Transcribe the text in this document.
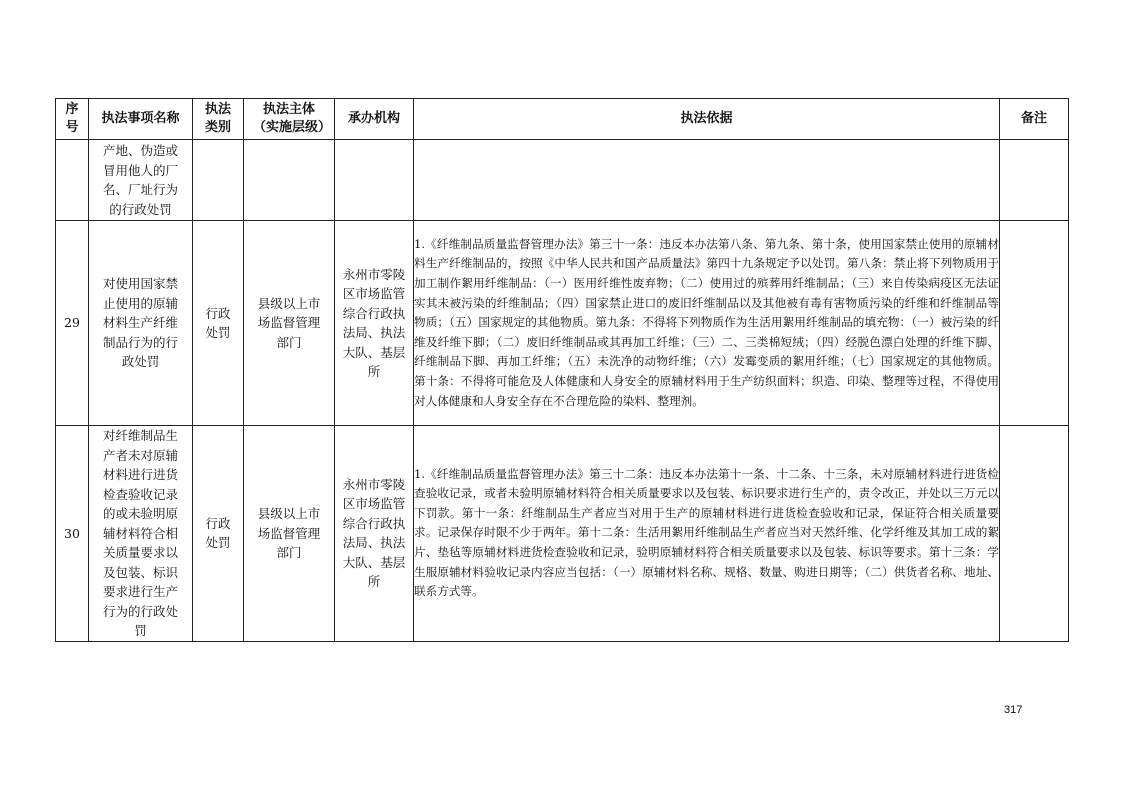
序号	执法事项名称	执法类别	执法主体（实施层级）	承办机构	执法依据	备注

	产地、伪造或冒用他人的厂名、厂址行为的行政处罚					

29	对使用国家禁止使用的原辅材料生产纤维制品行为的行政处罚	行政处罚	县级以上市场监督管理部门	永州市零陵区市场监管综合行政执法局、执法大队、基层所	1.《纤维制品质量监督管理办法》第三十一条：违反本办法第八条、第九条、第十条，使用国家禁止使用的原辅材料生产纤维制品的，按照《中华人民共和国产品质量法》第四十九条规定予以处罚。第八条：禁止将下列物质用于加工制作絮用纤维制品：（一）医用纤维性废弃物；（二）使用过的殡葬用纤维制品；（三）来自传染病疫区无法证实其未被污染的纤维制品；（四）国家禁止进口的废旧纤维制品以及其他被有毒有害物质污染的纤维和纤维制品等物质；（五）国家规定的其他物质。第九条：不得将下列物质作为生活用絮用纤维制品的填充物：（一）被污染的纤维及纤维下脚；（二）废旧纤维制品或其再加工纤维；（三）二、三类棉短绒；（四）经脱色漂白处理的纤维下脚、纤维制品下脚、再加工纤维；（五）未洗净的动物纤维；（六）发霉变质的絮用纤维；（七）国家规定的其他物质。第十条：不得将可能危及人体健康和人身安全的原辅材料用于生产纺织面料；织造、印染、整理等过程，不得使用对人体健康和人身安全存在不合理危险的染料、整理剂。	
30	对纤维制品生产者未对原辅材料进行进货检查验收记录的或未验明原辅材料符合相关质量要求以及包装、标识要求进行生产行为的行政处罚	行政处罚	县级以上市场监督管理部门	永州市零陵区市场监管综合行政执法局、执法大队、基层所	1.《纤维制品质量监督管理办法》第三十二条：违反本办法第十一条、十二条、十三条，未对原辅材料进行进货检查验收记录，或者未验明原辅材料符合相关质量要求以及包装、标识要求进行生产的，责令改正，并处以三万元以下罚款。第十一条：纤维制品生产者应当对用于生产的原辅材料进行进货检查验收和记录，保证符合相关质量要求。记录保存时限不少于两年。第十二条：生活用絮用纤维制品生产者应当对天然纤维、化学纤维及其加工成的絮片、垫毡等原辅材料进货检查验收和记录，验明原辅材料符合相关质量要求以及包装、标识等要求。第十三条：学生服原辅材料验收记录内容应当包括：（一）原辅材料名称、规格、数量、购进日期等；（二）供货者名称、地址、联系方式等。	
317
